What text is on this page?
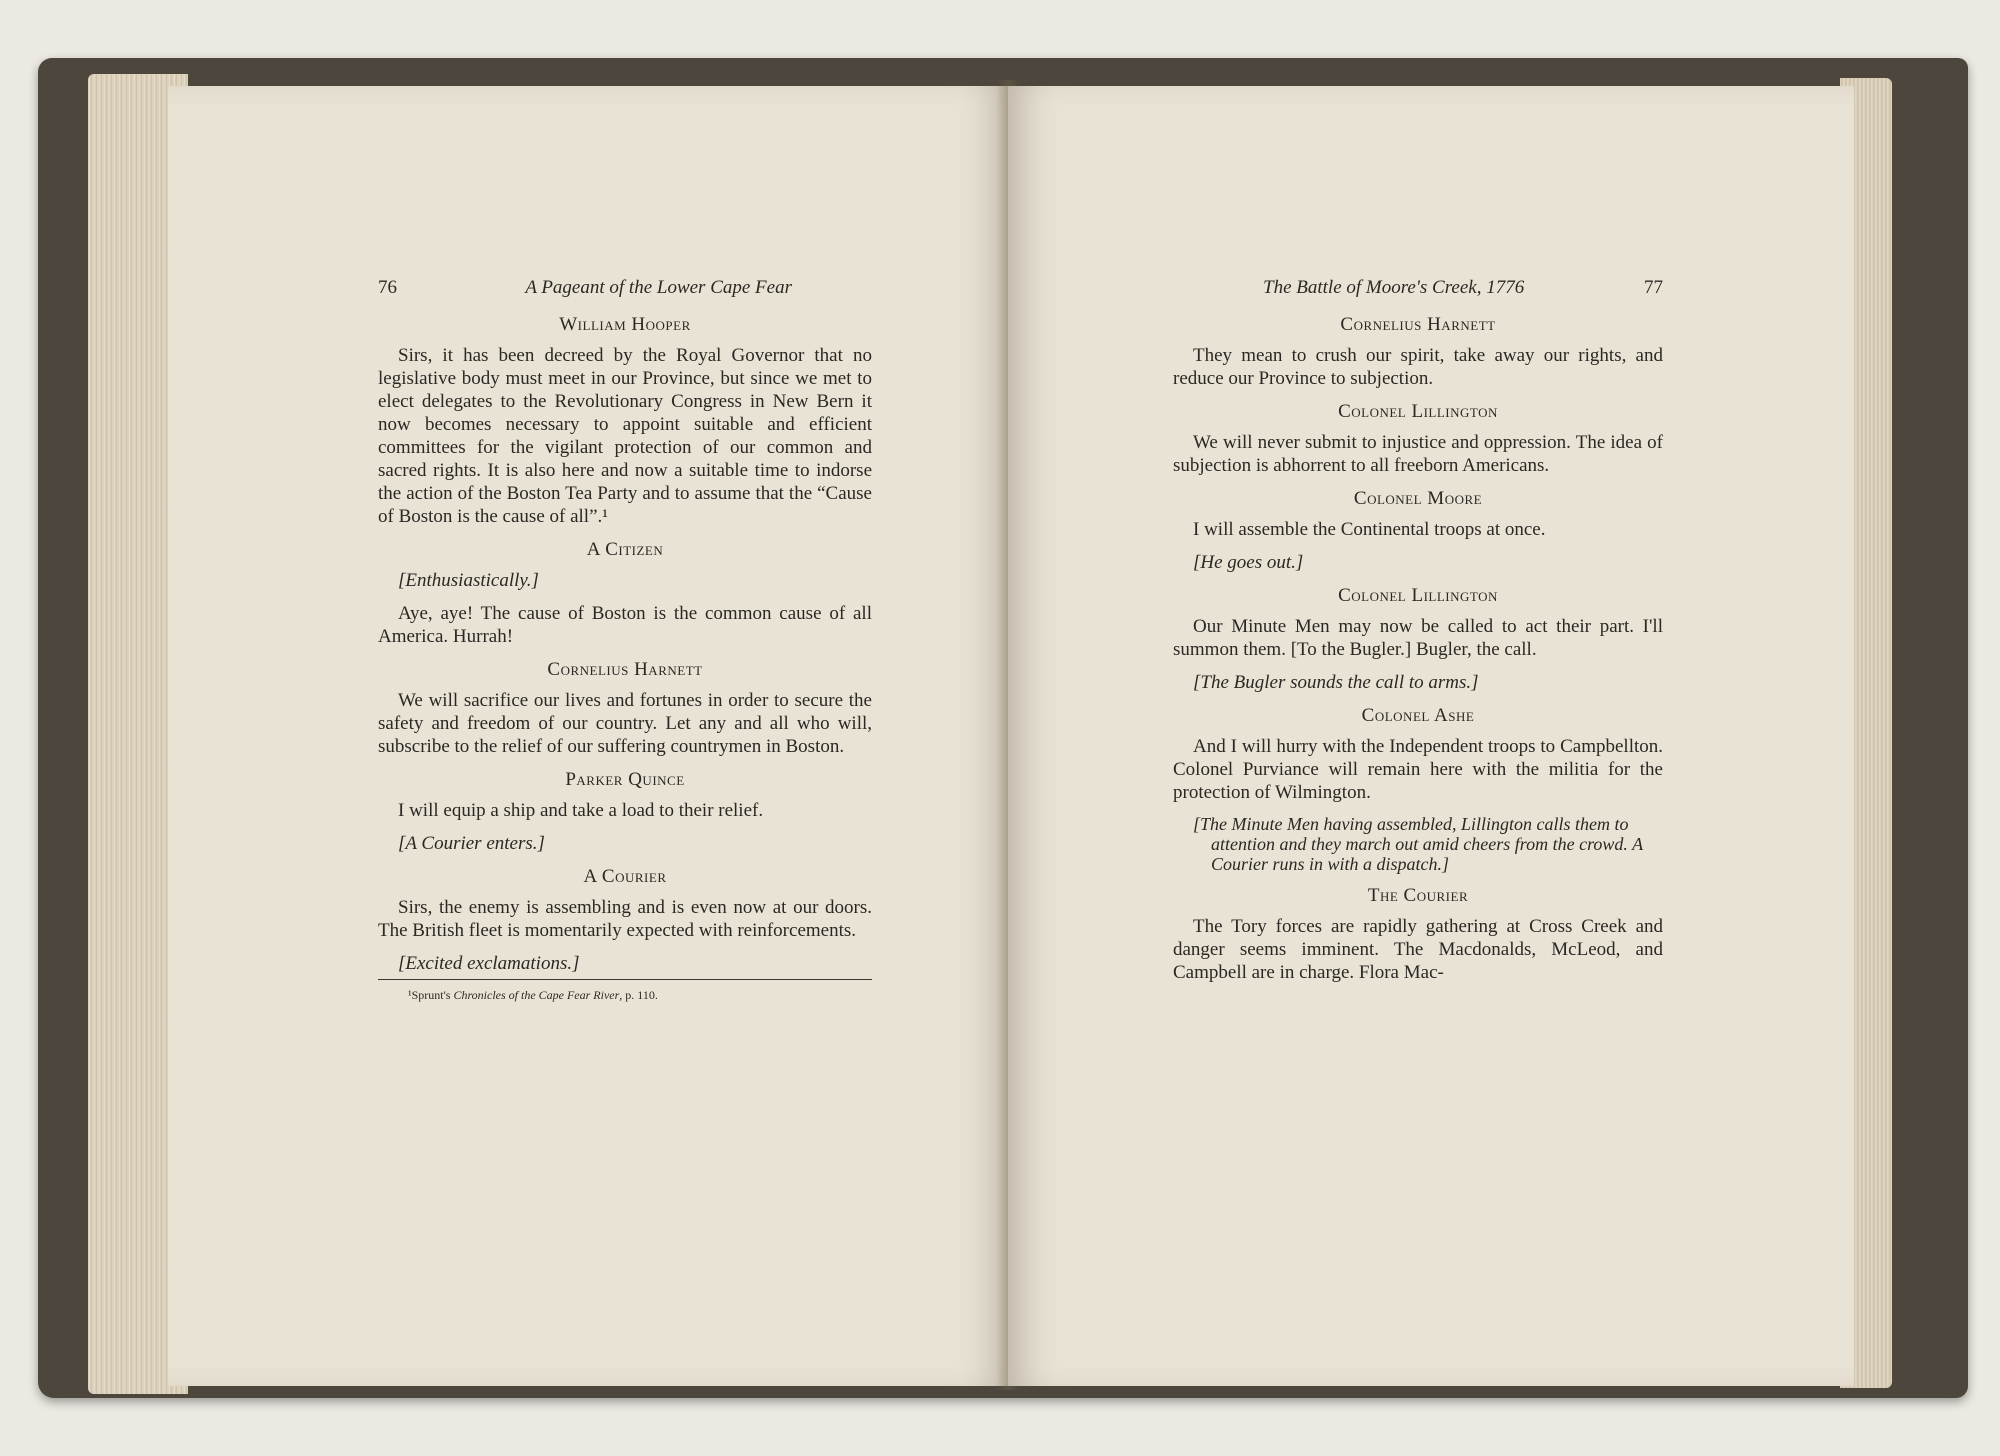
76	A Pageant of the Lower Cape Fear
William Hooper

Sirs, it has been decreed by the Royal Governor that no legislative body must meet in our Province, but since we met to elect delegates to the Revolutionary Congress in New Bern it now becomes necessary to appoint suitable and efficient committees for the vigilant protection of our common and sacred rights. It is also here and now a suitable time to indorse the action of the Boston Tea Party and to assume that the “Cause of Boston is the cause of all”.¹

A Citizen

[Enthusiastically.]

Aye, aye! The cause of Boston is the common cause of all America. Hurrah!

Cornelius Harnett

We will sacrifice our lives and fortunes in order to secure the safety and freedom of our country. Let any and all who will, subscribe to the relief of our suffering countrymen in Boston.

Parker Quince

I will equip a ship and take a load to their relief.

[A Courier enters.]

A Courier

Sirs, the enemy is assembling and is even now at our doors. The British fleet is momentarily expected with reinforcements.

[Excited exclamations.]

¹Sprunt's Chronicles of the Cape Fear River, p. 110.
The Battle of Moore's Creek, 1776	77
Cornelius Harnett

They mean to crush our spirit, take away our rights, and reduce our Province to subjection.

Colonel Lillington

We will never submit to injustice and oppression. The idea of subjection is abhorrent to all freeborn Americans.

Colonel Moore

I will assemble the Continental troops at once.

[He goes out.]

Colonel Lillington

Our Minute Men may now be called to act their part. I'll summon them. [To the Bugler.] Bugler, the call.

[The Bugler sounds the call to arms.]

Colonel Ashe

And I will hurry with the Independent troops to Campbellton. Colonel Purviance will remain here with the militia for the protection of Wilmington.

[The Minute Men having assembled, Lillington calls them to attention and they march out amid cheers from the crowd. A Courier runs in with a dispatch.]

The Courier

The Tory forces are rapidly gathering at Cross Creek and danger seems imminent. The Macdonalds, McLeod, and Campbell are in charge. Flora Mac-
